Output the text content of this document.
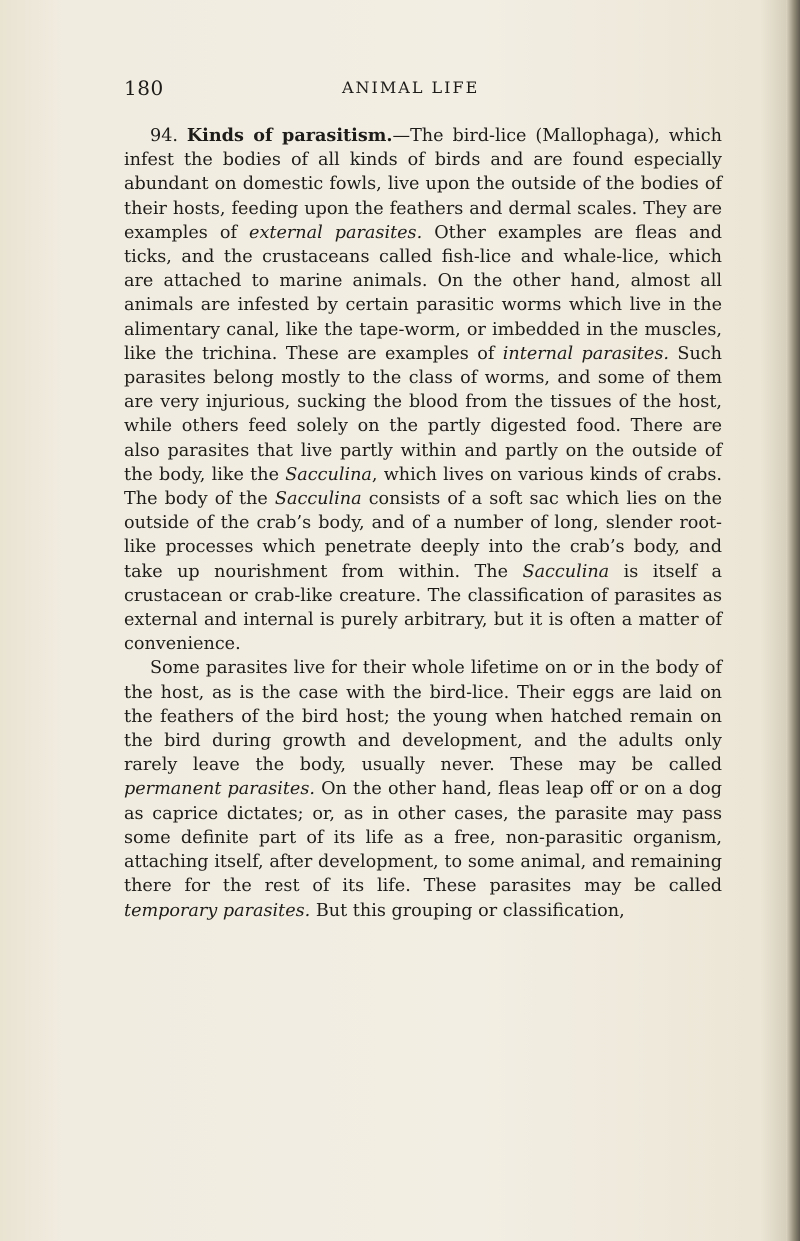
180	ANIMAL LIFE

94. Kinds of parasitism.—The bird-lice (Mallophaga), which infest the bodies of all kinds of birds and are found especially abundant on domestic fowls, live upon the outside of the bodies of their hosts, feeding upon the feathers and dermal scales. They are examples of external parasites. Other examples are fleas and ticks, and the crustaceans called fish-lice and whale-lice, which are attached to marine animals. On the other hand, almost all animals are infested by certain parasitic worms which live in the alimentary canal, like the tape-worm, or imbedded in the muscles, like the trichina. These are examples of internal parasites. Such parasites belong mostly to the class of worms, and some of them are very injurious, sucking the blood from the tissues of the host, while others feed solely on the partly digested food. There are also parasites that live partly within and partly on the outside of the body, like the Sacculina, which lives on various kinds of crabs. The body of the Sacculina consists of a soft sac which lies on the outside of the crab’s body, and of a number of long, slender root-like processes which penetrate deeply into the crab’s body, and take up nourishment from within. The Sacculina is itself a crustacean or crab-like creature. The classification of parasites as external and internal is purely arbitrary, but it is often a matter of convenience.

Some parasites live for their whole lifetime on or in the body of the host, as is the case with the bird-lice. Their eggs are laid on the feathers of the bird host; the young when hatched remain on the bird during growth and development, and the adults only rarely leave the body, usually never. These may be called permanent parasites. On the other hand, fleas leap off or on a dog as caprice dictates; or, as in other cases, the parasite may pass some definite part of its life as a free, non-parasitic organism, attaching itself, after development, to some animal, and remaining there for the rest of its life. These parasites may be called temporary parasites. But this grouping or classification,
